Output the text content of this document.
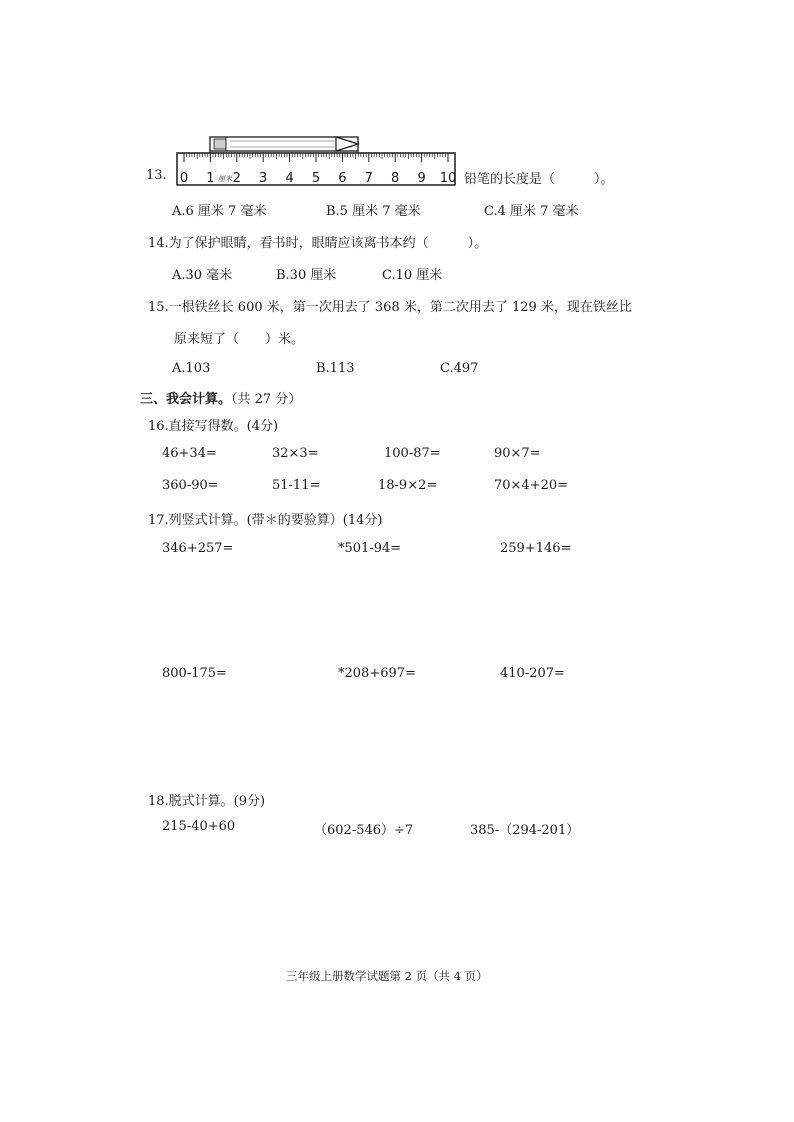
13. 0 1 2 3 4 5 6 7 8 9 10
厘米	铅笔的长度是（　　　）。
A.6 厘米 7 毫米	B.5 厘米 7 毫米	C.4 厘米 7 毫米
14.为了保护眼睛，看书时，眼睛应该离书本约（　　　）。
A.30 毫米	B.30 厘米	C.10 厘米
15.一根铁丝长 600 米，第一次用去了 368 米，第二次用去了 129 米，现在铁丝比
原来短了（　　）米。
A.103	B.113	C.497
三、我会计算。（共 27 分）
16.直接写得数。(4分)
46+34=	32×3=	100-87=	90×7=
360-90=	51-11=	18-9×2=	70×4+20=
17.列竖式计算。(带＊的要验算）(14分)
346+257=	*501-94=	259+146=
800-175=	*208+697=	410-207=
18.脱式计算。(9分)
215-40+60	（602-546）÷7	385-（294-201）
三年级上册数学试题第 2 页（共 4 页）
